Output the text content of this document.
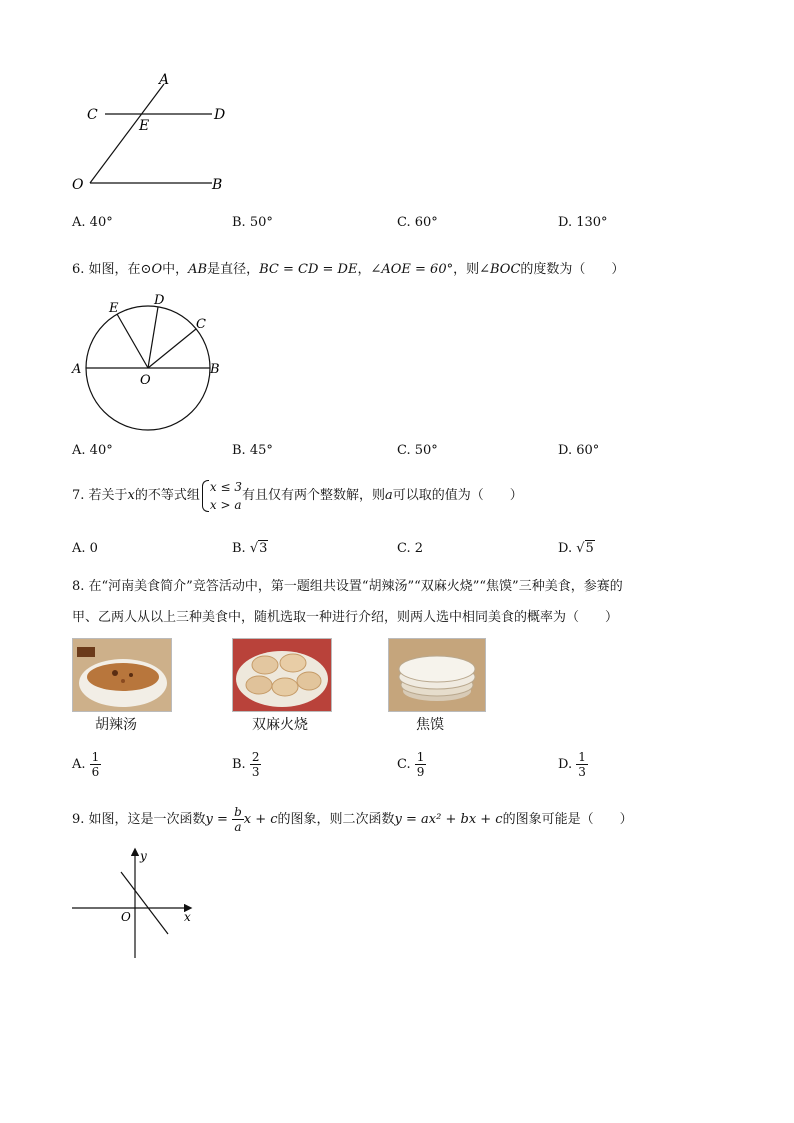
A
C	D
E
O	B
A. 40°	B. 50°	C. 60°	D. 130°
6. 如图，在⊙O中，AB是直径，BC = CD = DE，∠AOE = 60°，则∠BOC的度数为（　　）
E
D
C
A
O
B
A. 40°	B. 45°	C. 50°	D. 60°
7. 若关于x的不等式组
x ≤ 3
x > a
有且仅有两个整数解，则a可以取的值为（　　）
A. 0	B. √3	C. 2	D. √5
8. 在“河南美食简介”竞答活动中，第一题组共设置“胡辣汤”“双麻火烧”“焦馍”三种美食，参赛的
甲、乙两人从以上三种美食中，随机选取一种进行介绍，则两人选中相同美食的概率为（　　）
胡辣汤	双麻火烧	焦馍
A. $\frac{1}{6}$	B. $\frac{2}{3}$	C. $\frac{1}{9}$	D. $\frac{1}{3}$
9. 如图，这是一次函数$y = \frac{b}{a}$ x + c的图象，则二次函数y = ax² + bx + c的图象可能是（　　）
y
x
O
